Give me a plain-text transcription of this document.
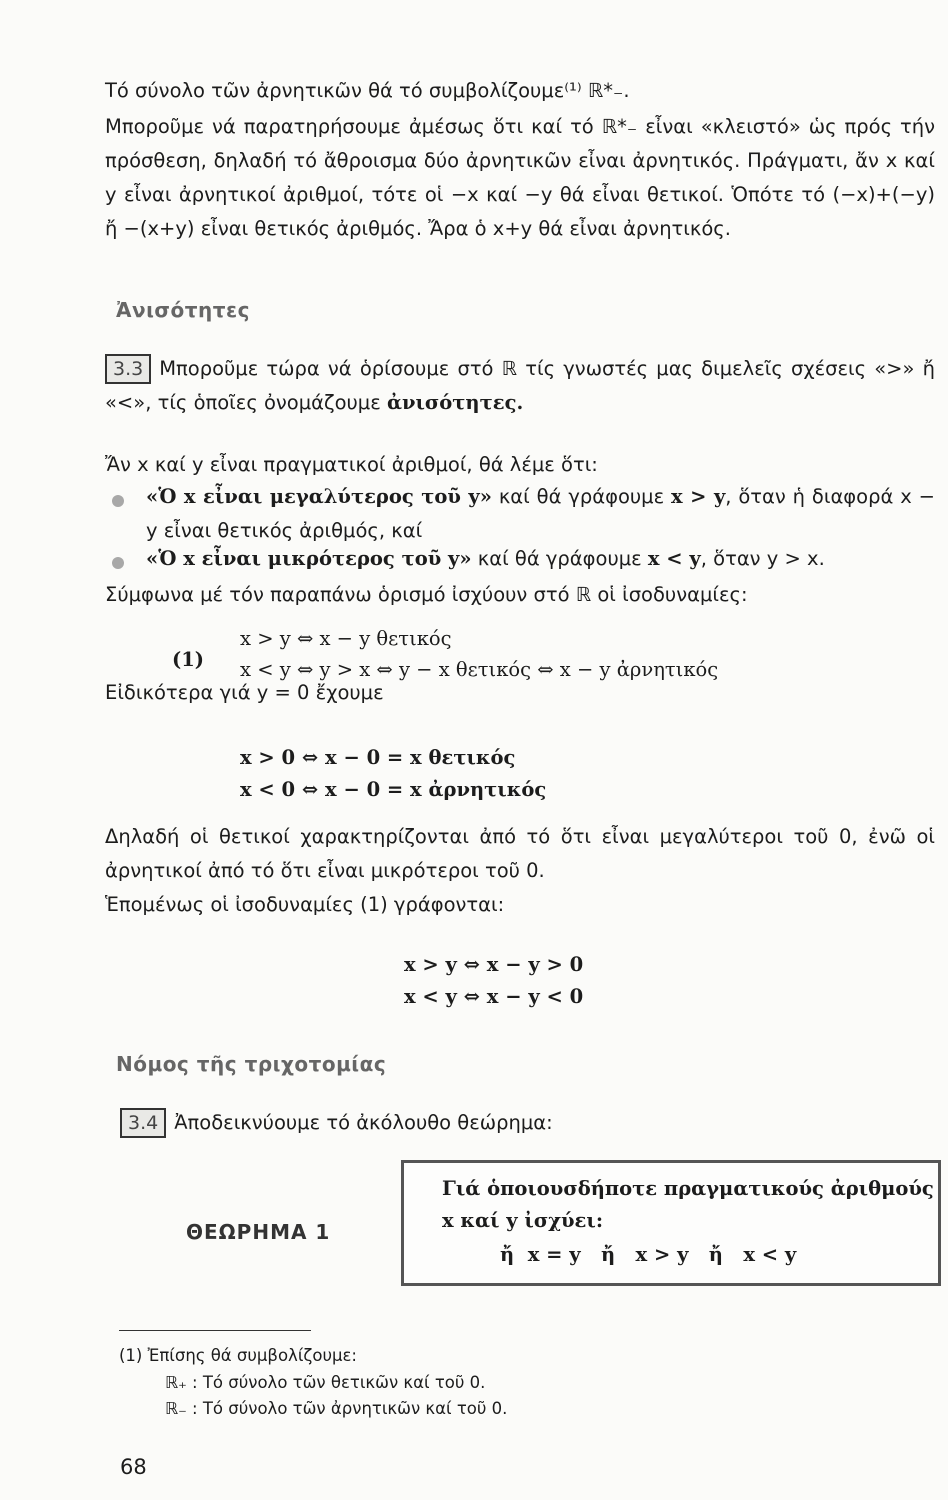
Τό σύνολο τῶν ἀρνητικῶν θά τό συμβολίζουμε⁽¹⁾ ℝ*₋.

Μπορoῦμε νά παρατηρήσουμε ἀμέσως ὅτι καί τό ℝ*₋ εἶναι «κλειστό» ὡς πρός τήν πρόσθεση, δηλαδή τό ἄθροισμα δύο ἀρνητικῶν εἶναι ἀρνητικός. Πράγματι, ἄν x καί y εἶναι ἀρνητικοί ἀριθμοί, τότε οἱ −x καί −y θά εἶναι θετικοί. Ὁπότε τό (−x)+(−y) ἤ −(x+y) εἶναι θετικός ἀριθμός. Ἄρα ὁ x+y θά εἶναι ἀρνητικός.

Ἀνισότητες

3.3 Μπορoῦμε τώρα νά ὁρίσουμε στό ℝ τίς γνωστές μας διμελεῖς σχέσεις «>» ἤ «<», τίς ὁποῖες ὀνομάζουμε ἀνισότητες.

Ἄν x καί y εἶναι πραγματικοί ἀριθμοί, θά λέμε ὅτι:

«Ὁ x εἶναι μεγαλύτερος τοῦ y» καί θά γράφουμε x > y, ὅταν ἡ διαφορά x − y εἶναι θετικός ἀριθμός, καί

«Ὁ x εἶναι μικρότερος τοῦ y» καί θά γράφουμε x < y, ὅταν y > x.

Σύμφωνα μέ τόν παραπάνω ὁρισμό ἰσχύουν στό ℝ οἱ ἰσοδυναμίες:

(1)
x > y ⇔ x − y θετικός
x < y ⇔ y > x ⇔ y − x θετικός ⇔ x − y ἀρνητικός

Εἰδικότερα γιά y = 0 ἔχουμε

x > 0 ⇔ x − 0 = x θετικός
x < 0 ⇔ x − 0 = x ἀρνητικός

Δηλαδή οἱ θετικοί χαρακτηρίζονται ἀπό τό ὅτι εἶναι μεγαλύτεροι τοῦ 0, ἐνῶ οἱ ἀρνητικοί ἀπό τό ὅτι εἶναι μικρότεροι τοῦ 0.

Ἑπoμένως οἱ ἰσοδυναμίες (1) γράφονται:

x > y ⇔ x − y > 0
x < y ⇔ x − y < 0
Νόμος τῆς τριχοτομίας

3.4 Ἀποδεικνύουμε τό ἀκόλουθο θεώρημα:

ΘΕΩΡΗΜΑ 1
Γιά ὁποιουσδήποτε πραγματικούς ἀριθμούς
x καί y ἰσχύει:
ἤ  x = y   ἤ   x > y   ἤ   x < y
(1) Ἐπίσης θά συμβολίζουμε:
ℝ₊ : Τό σύνολο τῶν θετικῶν καί τοῦ 0.
ℝ₋ : Τό σύνολο τῶν ἀρνητικῶν καί τοῦ 0.
68
